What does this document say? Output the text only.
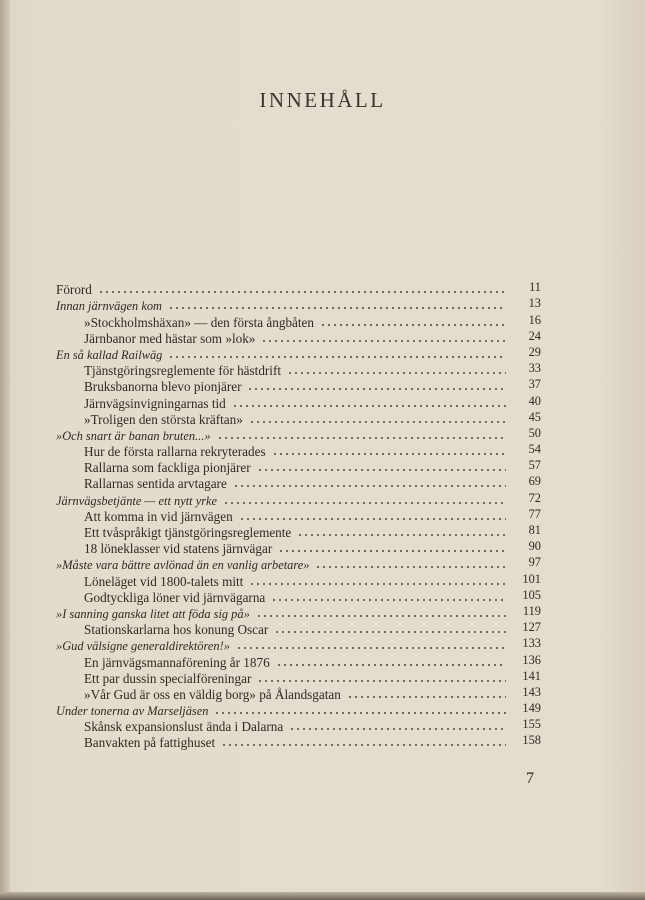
INNEHÅLL
Förord	11
Innan järnvägen kom	13
»Stockholmshäxan» — den första ångbåten	16
Järnbanor med hästar som »lok»	24
En så kallad Railwäg	29
Tjänstgöringsreglemente för hästdrift	33
Bruksbanorna blevo pionjärer	37
Järnvägsinvigningarnas tid	40
»Troligen den största kräftan»	45
»Och snart är banan bruten...»	50
Hur de första rallarna rekryterades	54
Rallarna som fackliga pionjärer	57
Rallarnas sentida arvtagare	69
Järnvägsbetjänte — ett nytt yrke	72
Att komma in vid järnvägen	77
Ett tvåspråkigt tjänstgöringsreglemente	81
18 löneklasser vid statens järnvägar	90
»Måste vara bättre avlönad än en vanlig arbetare»	97
Löneläget vid 1800-talets mitt	101
Godtyckliga löner vid järnvägarna	105
»I sanning ganska litet att föda sig på»	119
Stationskarlarna hos konung Oscar	127
»Gud välsigne generaldirektören!»	133
En järnvägsmannaförening år 1876	136
Ett par dussin specialföreningar	141
»Vår Gud är oss en väldig borg» på Ålandsgatan	143
Under tonerna av Marseljäsen	149
Skånsk expansionslust ända i Dalarna	155
Banvakten på fattighuset	158
7
